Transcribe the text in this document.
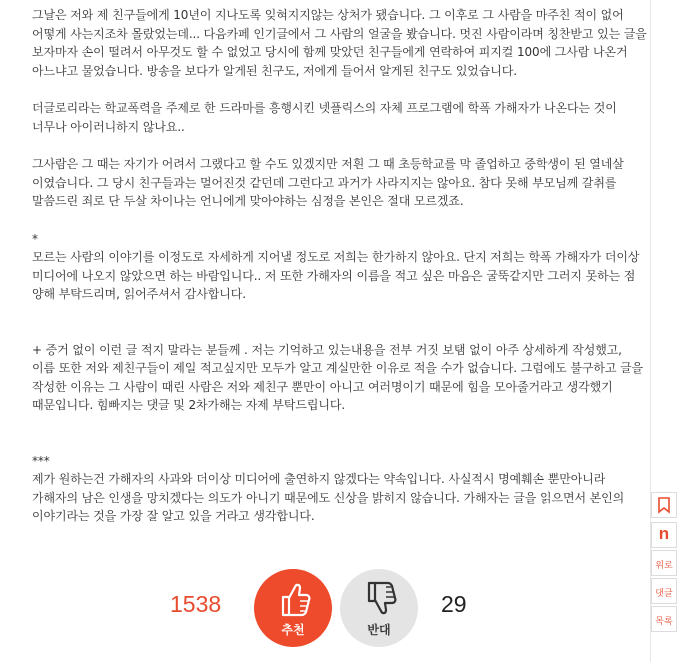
그날은 저와 제 친구들에게 10년이 지나도록 잊혀지지않는 상처가 됐습니다. 그 이후로 그 사람을 마주친 적이 없어 어떻게 사는지조차 몰랐었는데... 다음카페 인기글에서 그 사람의 얼굴을 봤습니다. 멋진 사람이라며 칭찬받고 있는 글을 보자마자 손이 떨려서 아무것도 할 수 없었고 당시에 함께 맞았던 친구들에게 연락하여 피지컬 100에 그사람 나온거 아느냐고 물었습니다. 방송을 보다가 알게된 친구도, 저에게 들어서 알게된 친구도 있었습니다.

더글로리라는 학교폭력을 주제로 한 드라마를 흥행시킨 넷플릭스의 자체 프로그램에 학폭 가해자가 나온다는 것이 너무나 아이러니하지 않나요..

그사람은 그 때는 자기가 어려서 그랬다고 할 수도 있겠지만 저흰 그 때 초등학교를 막 졸업하고 중학생이 된 열네살 이였습니다. 그 당시 친구들과는 멀어진것 같던데 그런다고 과거가 사라지지는 않아요. 참다 못해 부모님께 갈취를 말씀드린 죄로 단 두살 차이나는 언니에게 맞아야하는 심정을 본인은 절대 모르겠죠.

*

모르는 사람의 이야기를 이정도로 자세하게 지어낼 정도로 저희는 한가하지 않아요. 단지 저희는 학폭 가해자가 더이상 미디어에 나오지 않았으면 하는 바람입니다.. 저 또한 가해자의 이름을 적고 싶은 마음은 굴뚝같지만 그러지 못하는 점 양해 부탁드리며, 읽어주셔서 감사합니다.

+ 증거 없이 이런 글 적지 말라는 분들께 . 저는 기억하고 있는내용을 전부 거짓 보탬 없이 아주 상세하게 작성했고, 이름 또한 저와 제친구들이 제일 적고싶지만 모두가 알고 계실만한 이유로 적을 수가 없습니다. 그럼에도 불구하고 글을 작성한 이유는 그 사람이 때린 사람은 저와 제친구 뿐만이 아니고 여러명이기 때문에 힘을 모아줄거라고 생각했기 때문입니다. 힘빠지는 댓글 및 2차가해는 자제 부탁드립니다.

***

제가 원하는건 가해자의 사과와 더이상 미디어에 출연하지 않겠다는 약속입니다. 사실적시 명예훼손 뿐만아니라 가해자의 남은 인생을 망치겠다는 의도가 아니기 때문에도 신상을 밝히지 않습니다. 가해자는 글을 읽으면서 본인의 이야기라는 것을 가장 잘 알고 있을 거라고 생각합니다.

1538
추천	반대
29
n
위로
댓글
목록
